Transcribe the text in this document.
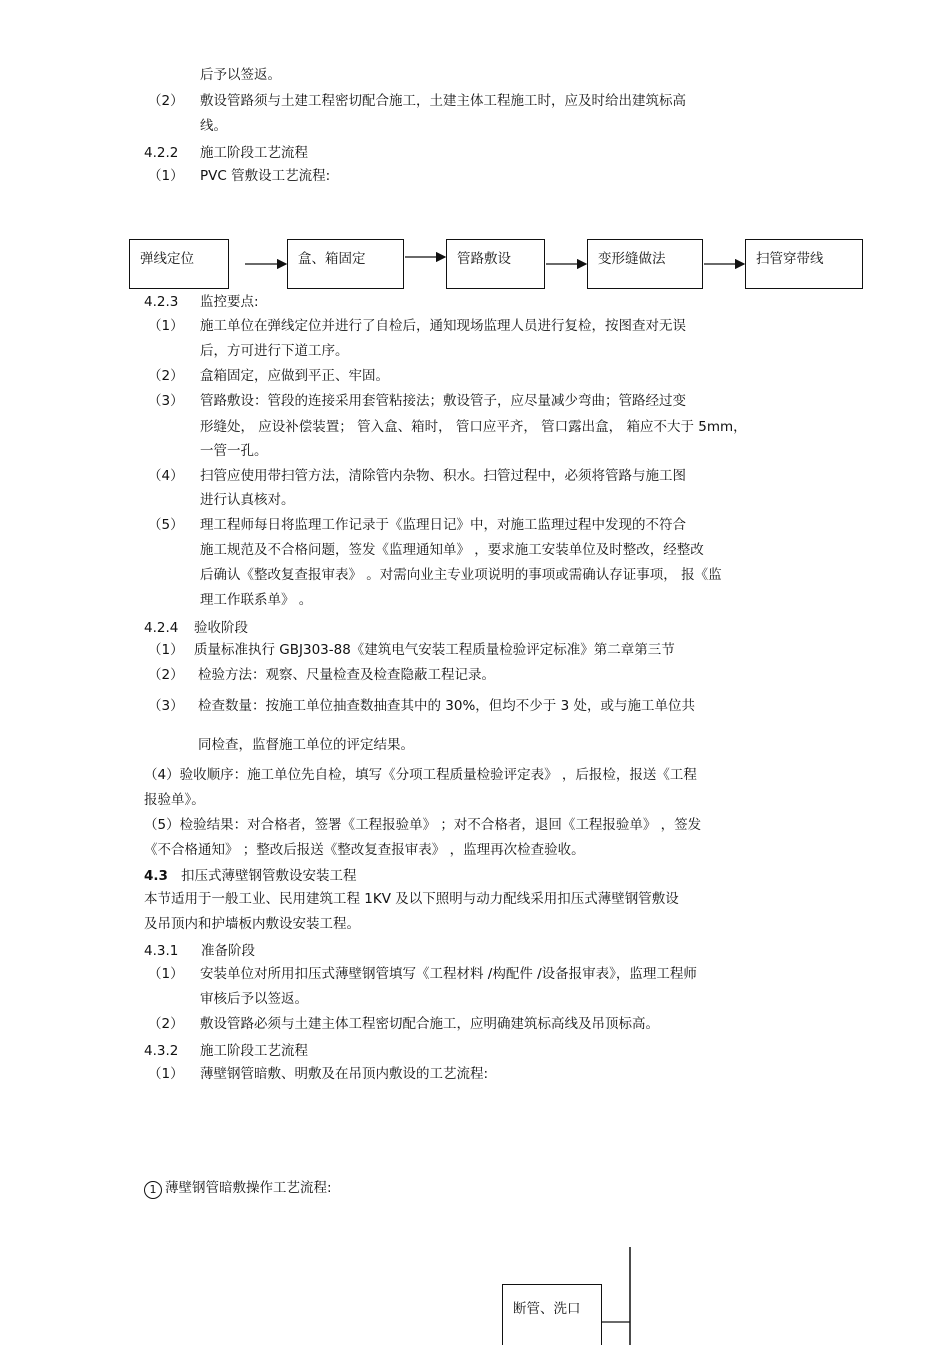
后予以签返。
（2） 敷设管路须与土建工程密切配合施工，土建主体工程施工时，应及时给出建筑标高
线。
4.2.2 施工阶段工艺流程
（1） PVC 管敷设工艺流程:
弹线定位	盒、箱固定	管路敷设	变形缝做法	扫管穿带线
4.2.3 监控要点:
（1） 施工单位在弹线定位并进行了自检后，通知现场监理人员进行复检，按图查对无误
后，方可进行下道工序。
（2） 盒箱固定，应做到平正、牢固。
（3） 管路敷设：管段的连接采用套管粘接法；敷设管子，应尽量减少弯曲；管路经过变
形缝处， 应设补偿装置； 管入盒、箱时， 管口应平齐， 管口露出盒， 箱应不大于 5mm，
一管一孔。
（4） 扫管应使用带扫管方法，清除管内杂物、积水。扫管过程中，必须将管路与施工图
进行认真核对。
（5） 理工程师每日将监理工作记录于《监理日记》中，对施工监理过程中发现的不符合
施工规范及不合格问题，签发《监理通知单》 ，要求施工安装单位及时整改，经整改
后确认《整改复查报审表》 。对需向业主专业项说明的事项或需确认存证事项， 报《监
理工作联系单》 。
4.2.4 验收阶段
（1） 质量标准执行 GBJ303-88《建筑电气安装工程质量检验评定标准》第二章第三节
（2） 检验方法：观察、尺量检查及检查隐蔽工程记录。
（3） 检查数量：按施工单位抽查数抽查其中的 30%，但均不少于 3 处，或与施工单位共
同检查，监督施工单位的评定结果。
（4）验收顺序：施工单位先自检，填写《分项工程质量检验评定表》 ，后报检，报送《工程
报验单》。
（5）检验结果：对合格者，签署《工程报验单》 ；对不合格者，退回《工程报验单》 ，签发
《不合格通知》 ；整改后报送《整改复查报审表》 ，监理再次检查验收。
4.3 扣压式薄壁钢管敷设安装工程
本节适用于一般工业、民用建筑工程 1KV 及以下照明与动力配线采用扣压式薄壁钢管敷设
及吊顶内和护墙板内敷设安装工程。
4.3.1 准备阶段
（1） 安装单位对所用扣压式薄壁钢管填写《工程材料 /构配件 /设备报审表》，监理工程师
审核后予以签返。
（2） 敷设管路必须与土建主体工程密切配合施工，应明确建筑标高线及吊顶标高。
4.3.2 施工阶段工艺流程
（1） 薄壁钢管暗敷、明敷及在吊顶内敷设的工艺流程:
1 薄壁钢管暗敷操作工艺流程:
断管、洗口
